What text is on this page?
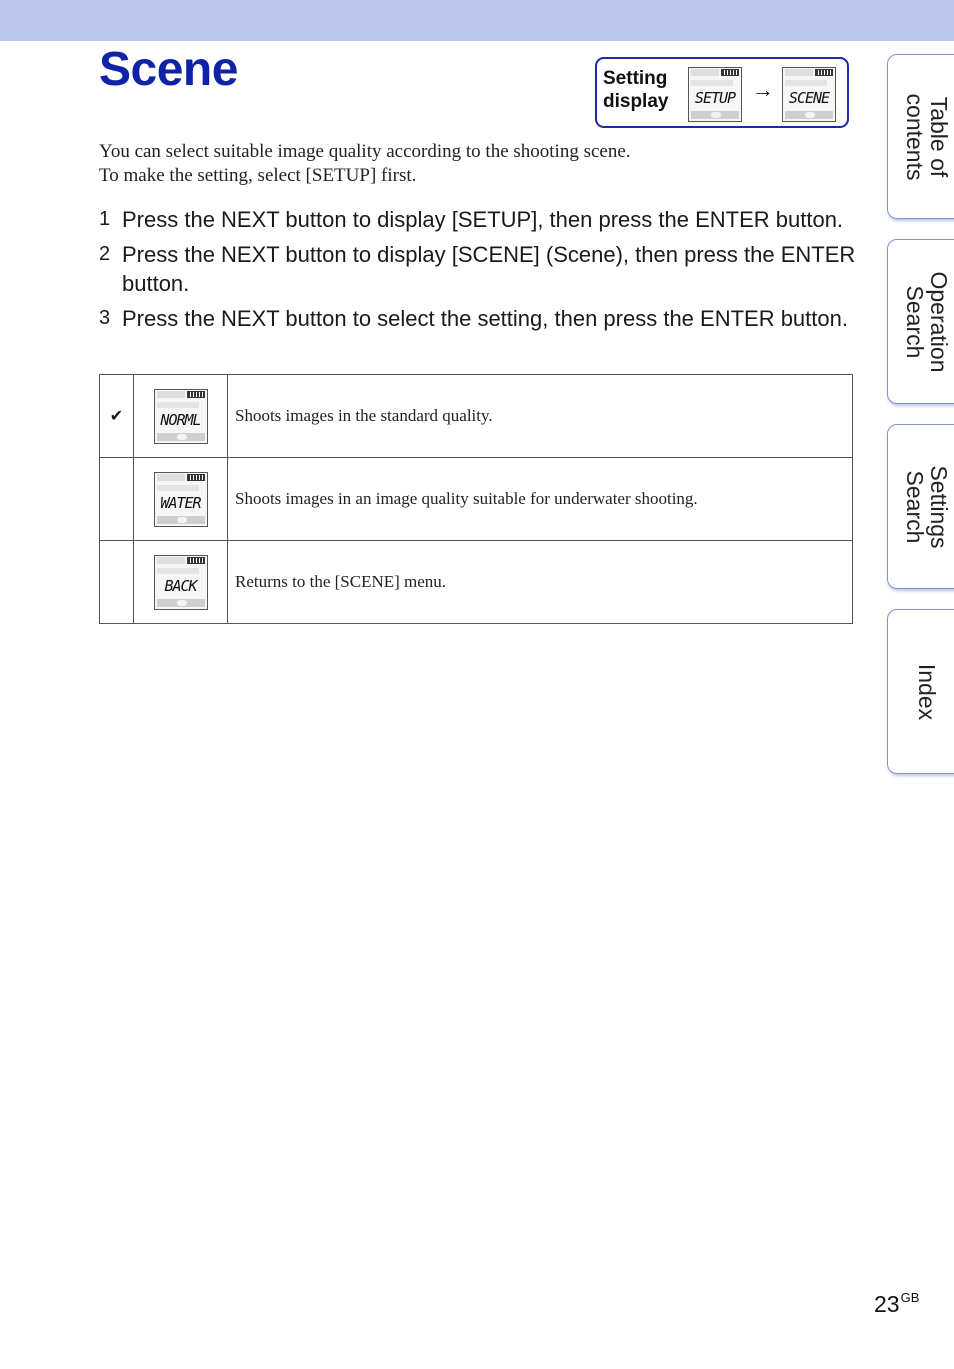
Scene	Setting
display	SETUP	SCENE
→

You can select suitable image quality according to the shooting scene.

To make the setting, select [SETUP] first.

1 Press the NEXT button to display [SETUP], then press the ENTER button.
2 Press the NEXT button to display [SCENE] (Scene), then press the ENTER button.
3 Press the NEXT button to select the setting, then press the ENTER button.
✔	NORML	Shoots images in the standard quality.

	WATER	Shoots images in an image quality suitable for underwater shooting.

	BACK	Returns to the [SCENE] menu.
Table of
contents
Operation
Search
Settings
Search
Index
$23^{GB}$
